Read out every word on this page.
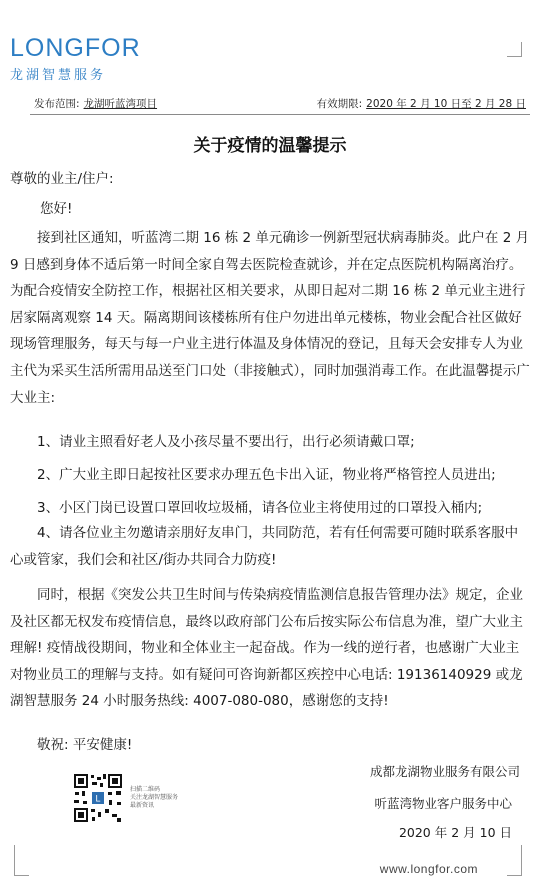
LONGFOR
龙湖智慧服务
发布范围: 龙湖听蓝湾项目	有效期限: 2020 年 2 月 10 日至 2 月 28 日
关于疫情的温馨提示
尊敬的业主/住户:
您好!

接到社区通知，听蓝湾二期 16 栋 2 单元确诊一例新型冠状病毒肺炎。此户在 2 月 9 日感到身体不适后第一时间全家自驾去医院检查就诊，并在定点医院机构隔离治疗。为配合疫情安全防控工作，根据社区相关要求，从即日起对二期 16 栋 2 单元业主进行居家隔离观察 14 天。隔离期间该楼栋所有住户勿进出单元楼栋，物业会配合社区做好现场管理服务，每天与每一户业主进行体温及身体情况的登记，且每天会安排专人为业主代为采买生活所需用品送至门口处（非接触式），同时加强消毒工作。在此温馨提示广大业主:

1、请业主照看好老人及小孩尽量不要出行，出行必须请戴口罩;
2、广大业主即日起按社区要求办理五色卡出入证，物业将严格管控人员进出;
3、小区门岗已设置口罩回收垃圾桶，请各位业主将使用过的口罩投入桶内;
4、请各位业主勿邀请亲朋好友串门，共同防范，若有任何需要可随时联系客服中心或管家，我们会和社区/街办共同合力防疫!

同时，根据《突发公共卫生时间与传染病疫情监测信息报告管理办法》规定，企业及社区都无权发布疫情信息，最终以政府部门公布后按实际公布信息为准，望广大业主理解! 疫情战役期间，物业和全体业主一起奋战。作为一线的逆行者，也感谢广大业主对物业员工的理解与支持。如有疑问可咨询新都区疾控中心电话: 19136140929 或龙湖智慧服务 24 小时服务热线: 4007-080-080，感谢您的支持!

敬祝: 平安健康!
L
扫描二维码
关注龙湖智慧服务
最新资讯
成都龙湖物业服务有限公司
听蓝湾物业客户服务中心
2020 年 2 月 10 日
www.longfor.com
